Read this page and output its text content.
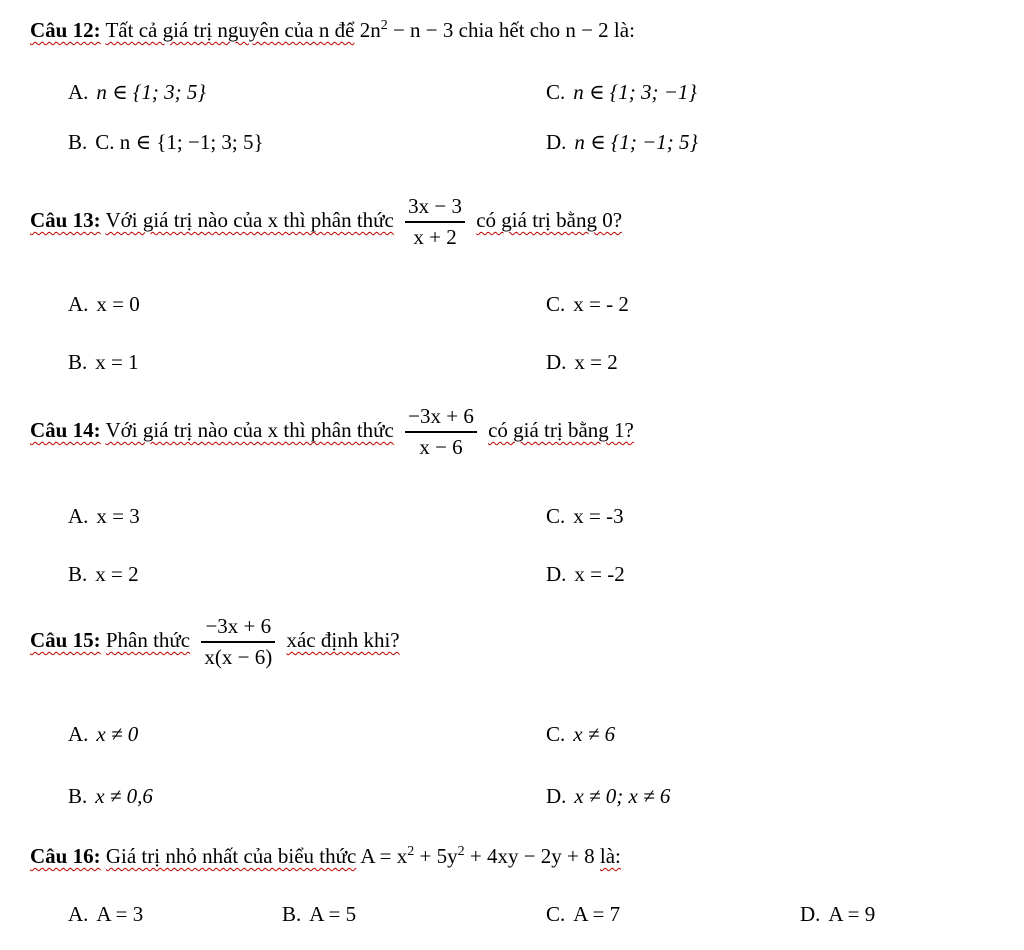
Câu 12: Tất cả giá trị nguyên của n để $2n^2 - n - 3$ chia hết cho n − 2 là:
A. n ∈ {1; 3; 5}	C. n ∈ {1; 3; −1}
B. C. n ∈ {1; −1; 3; 5}	D. n ∈ {1; −1; 5}
Câu 13: Với giá trị nào của x thì phân thức $\frac{3x - 3}{x + 2}$ có giá trị bằng 0?
A. x = 0	C. x = - 2
B. x = 1	D. x = 2
Câu 14: Với giá trị nào của x thì phân thức $\frac{-3x + 6}{x - 6}$ có giá trị bằng 1?
A. x = 3	C. x = -3
B. x = 2	D. x = -2
Câu 15: Phân thức $\frac{-3x + 6}{x(x - 6)}$ xác định khi?
A. x ≠ 0	C. x ≠ 6
B. x ≠ 0,6	D. x ≠ 0; x ≠ 6
Câu 16: Giá trị nhỏ nhất của biểu thức $A = x^2 + 5y^2 + 4xy - 2y + 8$ là:
A. A = 3	B. A = 5	C. A = 7	D. A = 9
